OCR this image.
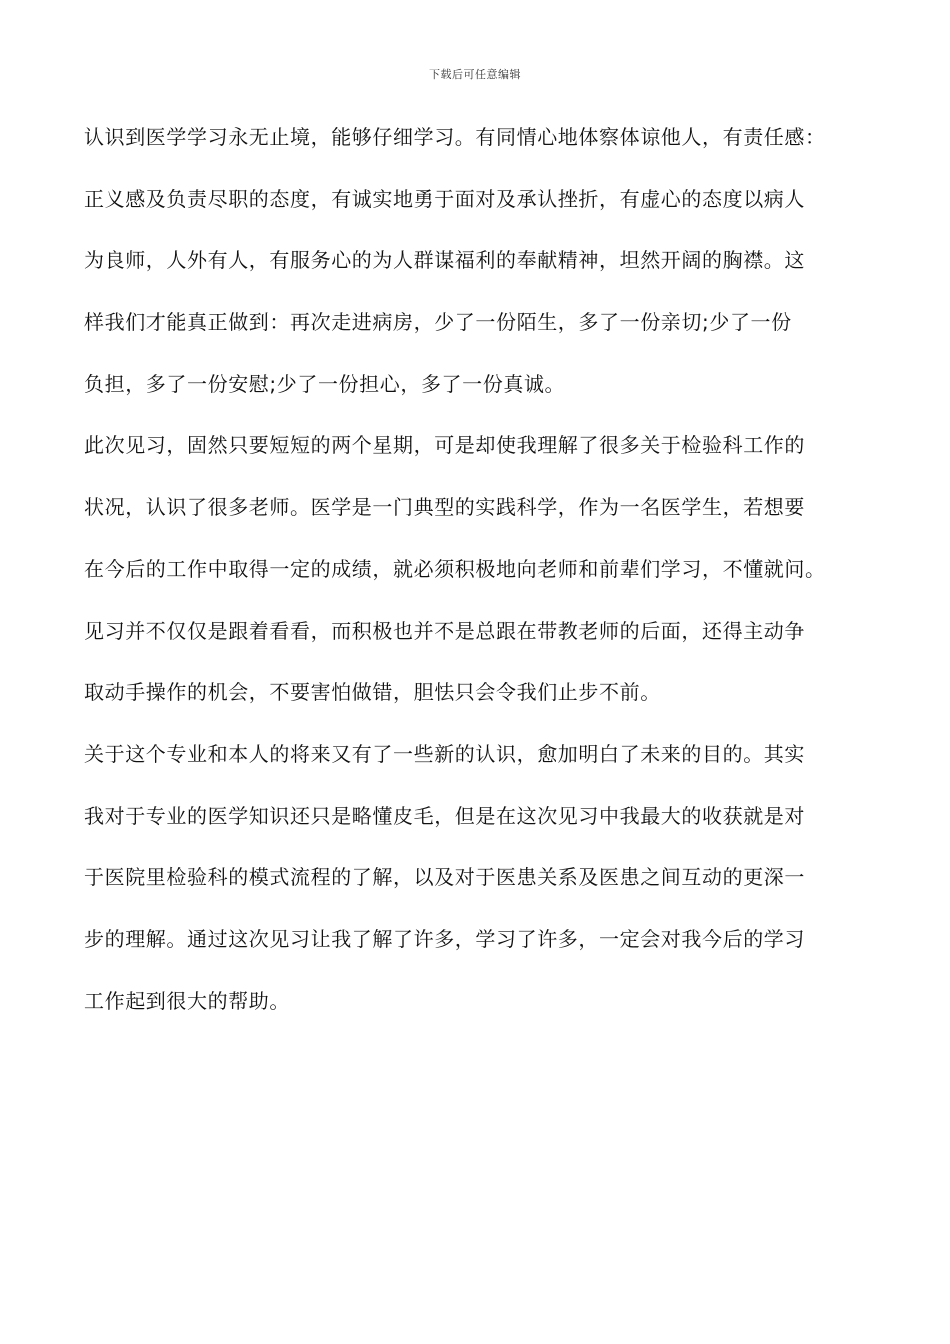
下载后可任意编辑
认识到医学学习永无止境，能够仔细学习。有同情心地体察体谅他人，有责任感：
正义感及负责尽职的态度，有诚实地勇于面对及承认挫折，有虚心的态度以病人
为良师，人外有人，有服务心的为人群谋福利的奉献精神，坦然开阔的胸襟。这
样我们才能真正做到：再次走进病房，少了一份陌生，多了一份亲切;少了一份
负担，多了一份安慰;少了一份担心，多了一份真诚。
此次见习，固然只要短短的两个星期，可是却使我理解了很多关于检验科工作的
状况，认识了很多老师。医学是一门典型的实践科学，作为一名医学生，若想要
在今后的工作中取得一定的成绩，就必须积极地向老师和前辈们学习，不懂就问。
见习并不仅仅是跟着看看，而积极也并不是总跟在带教老师的后面，还得主动争
取动手操作的机会，不要害怕做错，胆怯只会令我们止步不前。
关于这个专业和本人的将来又有了一些新的认识，愈加明白了未来的目的。其实
我对于专业的医学知识还只是略懂皮毛，但是在这次见习中我最大的收获就是对
于医院里检验科的模式流程的了解，以及对于医患关系及医患之间互动的更深一
步的理解。通过这次见习让我了解了许多，学习了许多，一定会对我今后的学习
工作起到很大的帮助。
